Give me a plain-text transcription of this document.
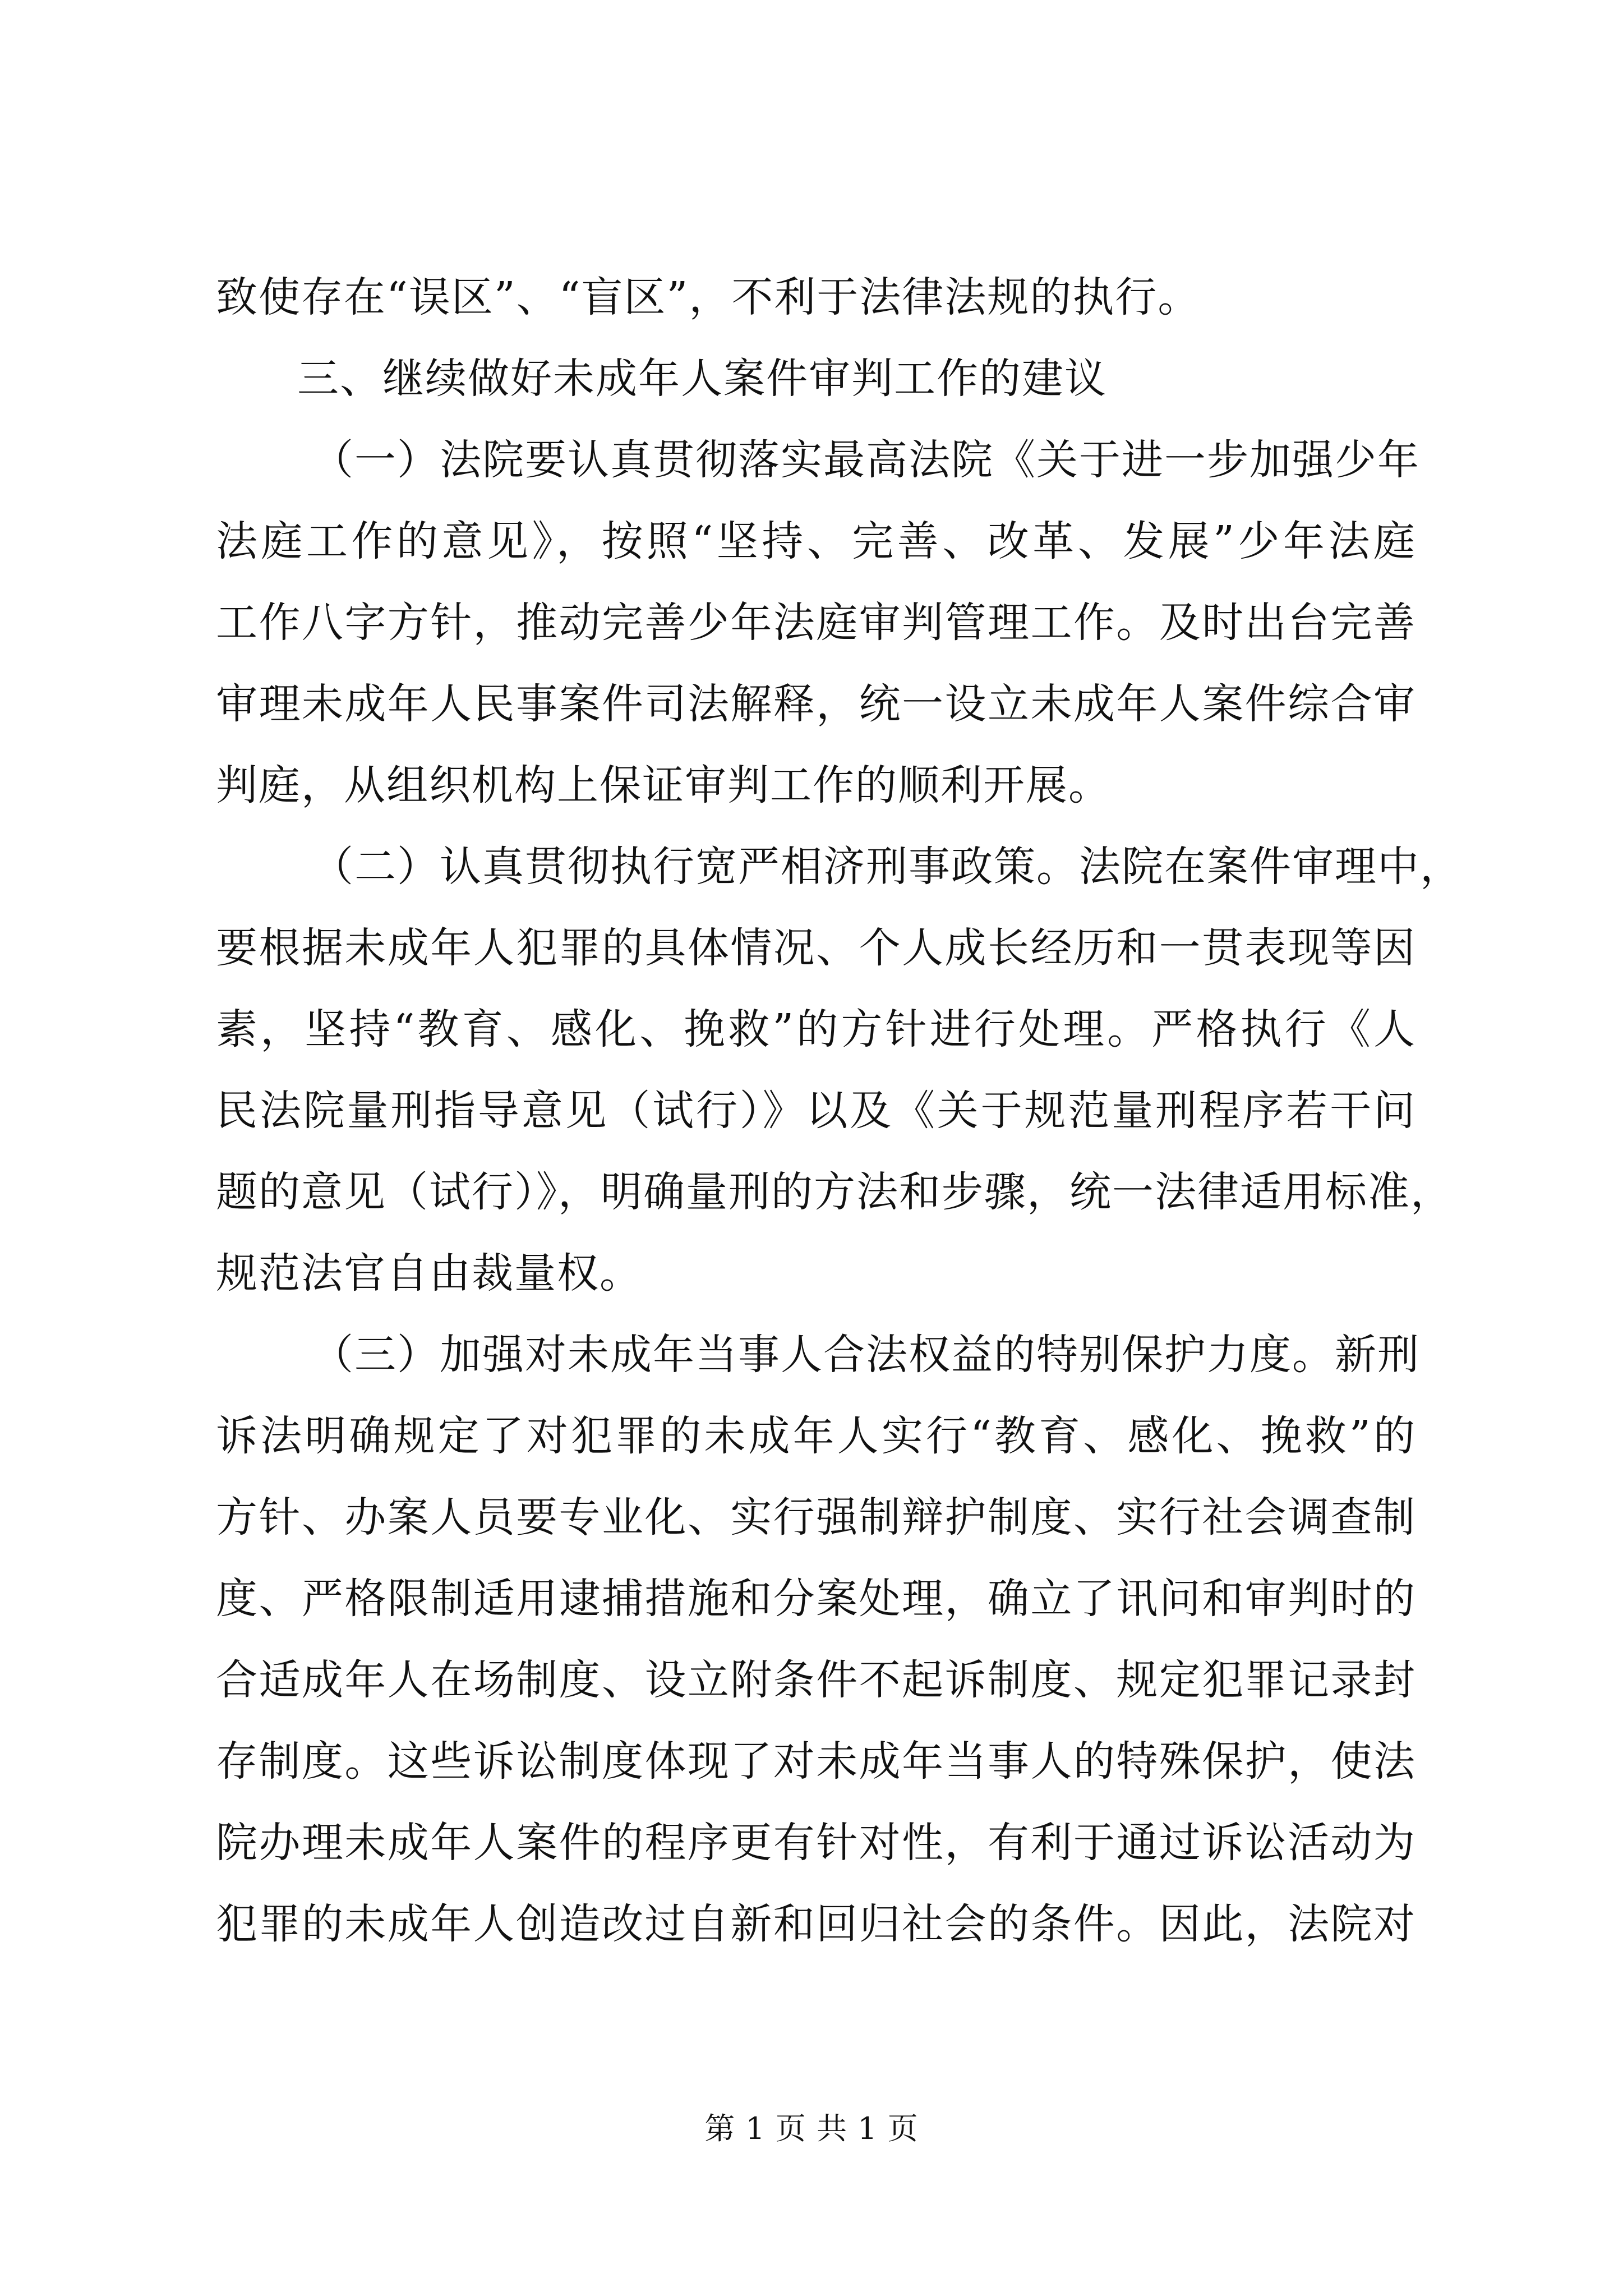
致使存在“误区”、“盲区”，不利于法律法规的执行。
三、继续做好未成年人案件审判工作的建议
（一）法院要认真贯彻落实最高法院《关于进一步加强少年
法庭工作的意见》，按照“坚持、完善、改革、发展”少年法庭
工作八字方针，推动完善少年法庭审判管理工作。及时出台完善
审理未成年人民事案件司法解释，统一设立未成年人案件综合审
判庭，从组织机构上保证审判工作的顺利开展。
（二）认真贯彻执行宽严相济刑事政策。法院在案件审理中，
要根据未成年人犯罪的具体情况、个人成长经历和一贯表现等因
素，坚持“教育、感化、挽救”的方针进行处理。严格执行《人
民法院量刑指导意见（试行）》以及《关于规范量刑程序若干问
题的意见（试行）》，明确量刑的方法和步骤，统一法律适用标准，
规范法官自由裁量权。
（三）加强对未成年当事人合法权益的特别保护力度。新刑
诉法明确规定了对犯罪的未成年人实行“教育、感化、挽救”的
方针、办案人员要专业化、实行强制辩护制度、实行社会调查制
度、严格限制适用逮捕措施和分案处理，确立了讯问和审判时的
合适成年人在场制度、设立附条件不起诉制度、规定犯罪记录封
存制度。这些诉讼制度体现了对未成年当事人的特殊保护，使法
院办理未成年人案件的程序更有针对性，有利于通过诉讼活动为
犯罪的未成年人创造改过自新和回归社会的条件。因此，法院对
第 1 页 共 1 页
